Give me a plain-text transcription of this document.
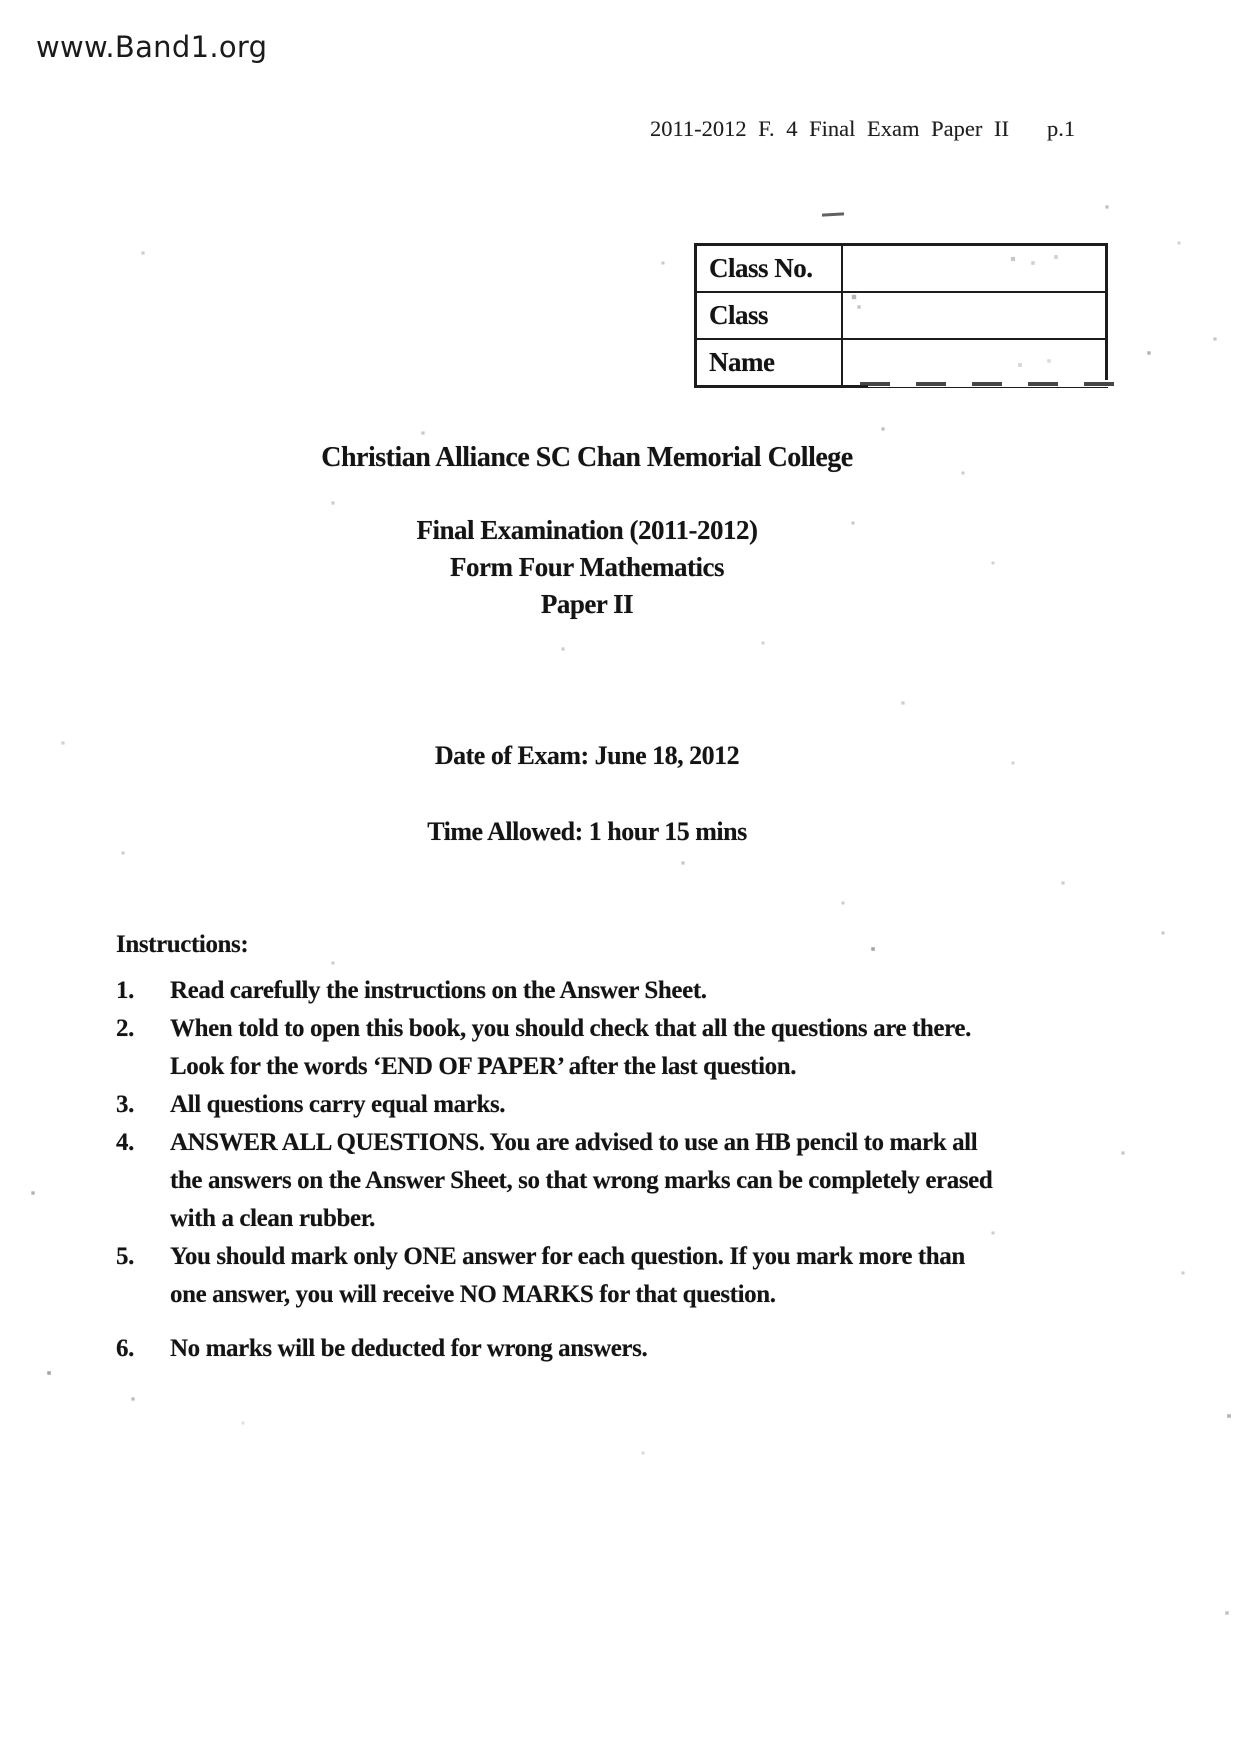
www.Band1.org
2011-2012 F. 4 Final Exam Paper II p.1
Class No.
Class
Name
Christian Alliance SC Chan Memorial College
Final Examination (2011-2012)
Form Four Mathematics
Paper II
Date of Exam: June 18, 2012
Time Allowed: 1 hour 15 mins
Instructions:
1.	Read carefully the instructions on the Answer Sheet.
2.	When told to open this book, you should check that all the questions are there.
Look for the words ‘END OF PAPER’ after the last question.
3.	All questions carry equal marks.
4.	ANSWER ALL QUESTIONS. You are advised to use an HB pencil to mark all
the answers on the Answer Sheet, so that wrong marks can be completely erased
with a clean rubber.
5.	You should mark only ONE answer for each question. If you mark more than
one answer, you will receive NO MARKS for that question.
6.	No marks will be deducted for wrong answers.
